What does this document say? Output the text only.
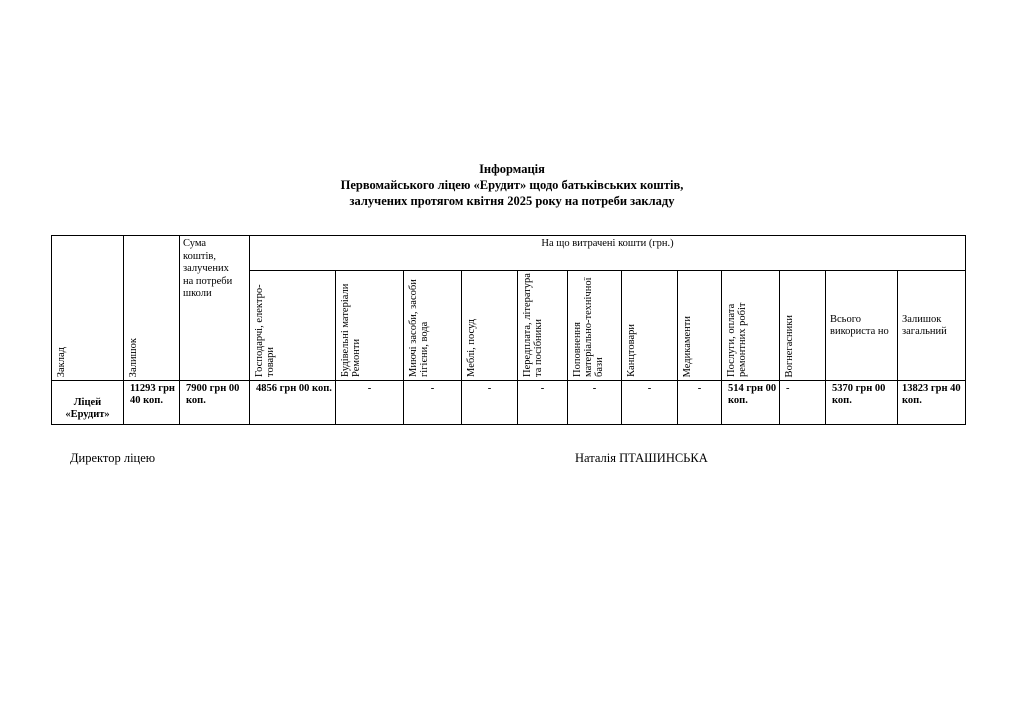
Інформація
Первомайського ліцею «Ерудит» щодо батьківських коштів,
залучених протягом квітня 2025 року на потреби закладу
Заклад	Залишок	Сума коштів, залучених на потреби школи	На що витрачені кошти (грн.)											

			Господарчі, електро-товари	Будівельні матеріали Ремонти	Миючі засоби, засоби гігієни, вода	Меблі, посуд	Передплата, література та посібники	Поповнення матеріально-технічної бази	Канцтовари	Медикаменти	Послуги, оплата ремонтних робіт	Вогнегасники	Всього використа но	Залишок загальний

Ліцей «Ерудит»	11293 грн 40 коп.	7900 грн 00 коп.	4856 грн 00 коп.	-	-	-	-	-	-	-	514 грн 00 коп.	-	5370 грн 00 коп.	13823 грн 40 коп.
Директор ліцею	Наталія ПТАШИНСЬКА
